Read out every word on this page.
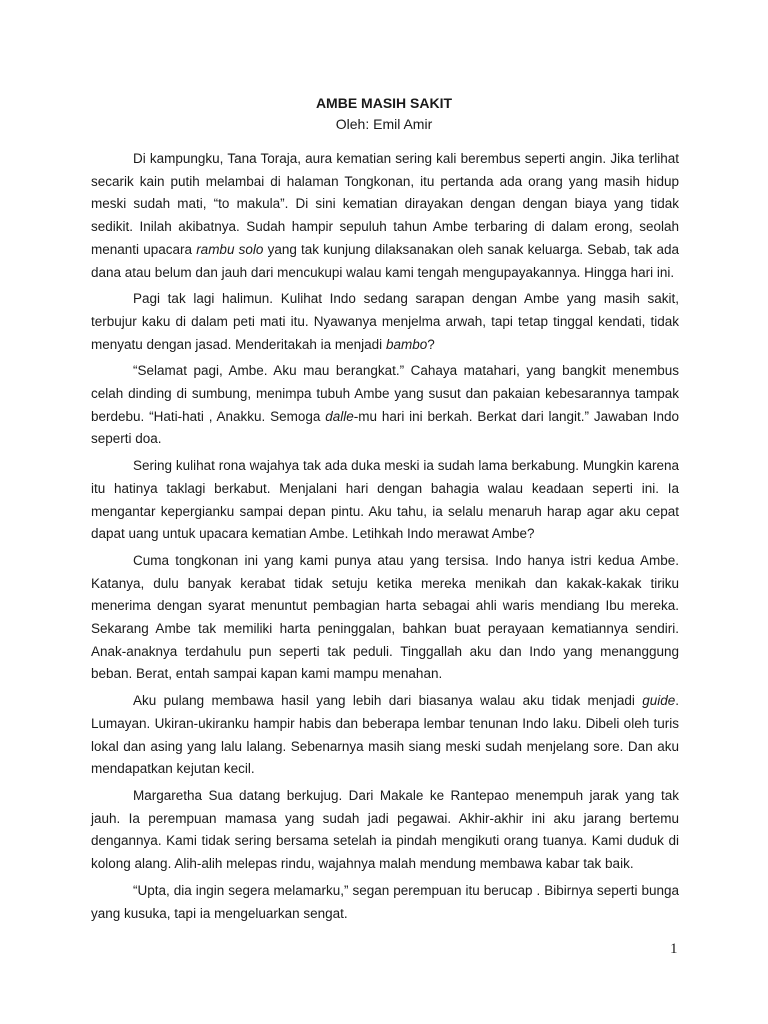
AMBE MASIH SAKIT
Oleh: Emil Amir

Di kampungku, Tana Toraja, aura kematian sering kali berembus seperti angin. Jika terlihat secarik kain putih melambai di halaman Tongkonan, itu pertanda ada orang yang masih hidup meski sudah mati, “to makula”. Di sini kematian dirayakan dengan dengan biaya yang tidak sedikit. Inilah akibatnya. Sudah hampir sepuluh tahun Ambe terbaring di dalam erong, seolah menanti upacara rambu solo yang tak kunjung dilaksanakan oleh sanak keluarga. Sebab, tak ada dana atau belum dan jauh dari mencukupi walau kami tengah mengupayakannya. Hingga hari ini.

Pagi tak lagi halimun. Kulihat Indo sedang sarapan dengan Ambe yang masih sakit, terbujur kaku di dalam peti mati itu. Nyawanya menjelma arwah, tapi tetap tinggal kendati, tidak menyatu dengan jasad. Menderitakah ia menjadi bambo?

“Selamat pagi, Ambe. Aku mau berangkat.” Cahaya matahari, yang bangkit menembus celah dinding di sumbung, menimpa tubuh Ambe yang susut dan pakaian kebesarannya tampak berdebu. “Hati-hati , Anakku. Semoga dalle-mu hari ini berkah. Berkat dari langit.” Jawaban Indo seperti doa.

Sering kulihat rona wajahya tak ada duka meski ia sudah lama berkabung. Mungkin karena itu hatinya taklagi berkabut. Menjalani hari dengan bahagia walau keadaan seperti ini. Ia mengantar kepergianku sampai depan pintu. Aku tahu, ia selalu menaruh harap agar aku cepat dapat uang untuk upacara kematian Ambe. Letihkah Indo merawat Ambe?

Cuma tongkonan ini yang kami punya atau yang tersisa. Indo hanya istri kedua Ambe. Katanya, dulu banyak kerabat tidak setuju ketika mereka menikah dan kakak-kakak tiriku menerima dengan syarat menuntut pembagian harta sebagai ahli waris mendiang Ibu mereka. Sekarang Ambe tak memiliki harta peninggalan, bahkan buat perayaan kematiannya sendiri. Anak-anaknya terdahulu pun seperti tak peduli. Tinggallah aku dan Indo yang menanggung beban. Berat, entah sampai kapan kami mampu menahan.

Aku pulang membawa hasil yang lebih dari biasanya walau aku tidak menjadi guide. Lumayan. Ukiran-ukiranku hampir habis dan beberapa lembar tenunan Indo laku. Dibeli oleh turis lokal dan asing yang lalu lalang. Sebenarnya masih siang meski sudah menjelang sore. Dan aku mendapatkan kejutan kecil.

Margaretha Sua datang berkujug. Dari Makale ke Rantepao menempuh jarak yang tak jauh. Ia perempuan mamasa yang sudah jadi pegawai. Akhir-akhir ini aku jarang bertemu dengannya. Kami tidak sering bersama setelah ia pindah mengikuti orang tuanya. Kami duduk di kolong alang. Alih-alih melepas rindu, wajahnya malah mendung membawa kabar tak baik.

“Upta, dia ingin segera melamarku,” segan perempuan itu berucap . Bibirnya seperti bunga yang kusuka, tapi ia mengeluarkan sengat.

1
